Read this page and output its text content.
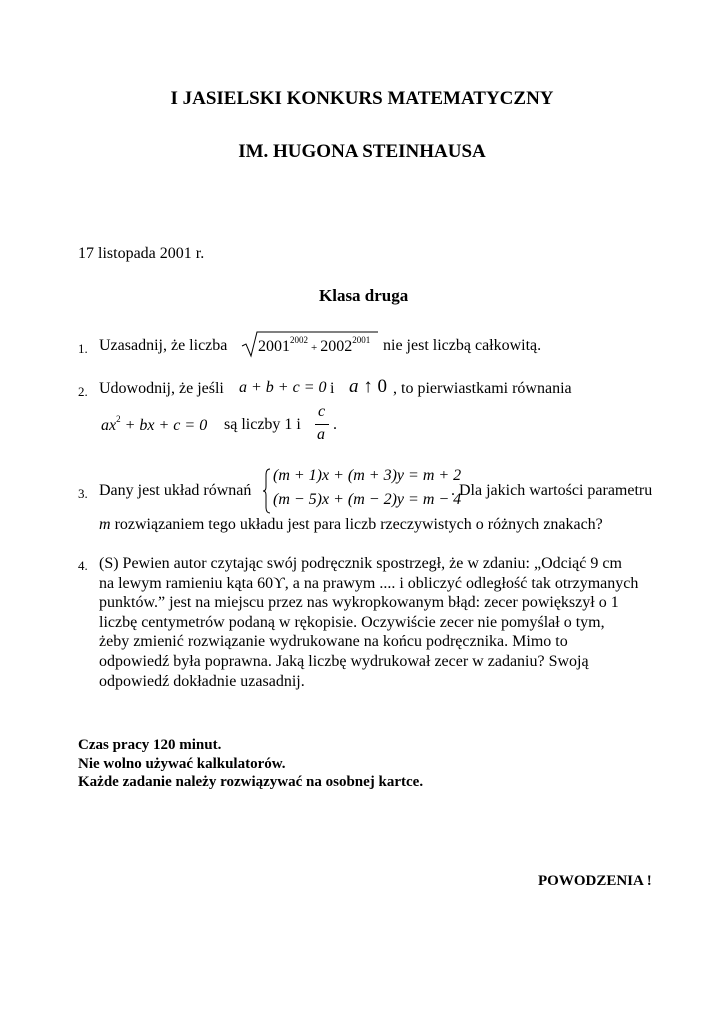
I JASIELSKI KONKURS MATEMATYCZNY
IM. HUGONA STEINHAUSA
17 listopada 2001 r.
Klasa druga
1. Uzasadnij, że liczba $2001^{2002}+ 2002^{2001}$ nie jest liczbą całkowitą.
2. Udowodnij, że jeśli a + b + c = 0 i a ↑ 0 , to pierwiastkami równania
$ax^2$ + bx + c = 0 są liczby 1 i
c
a
.
3. Dany jest układ równań
(m + 1)x + (m + 3)y = m + 2
(m − 5)x + (m − 2)y = m − 4
. Dla jakich wartości parametru
m rozwiązaniem tego układu jest para liczb rzeczywistych o różnych znakach?
4. (S) Pewien autor czytając swój podręcznik spostrzegł, że w zdaniu: „Odciąć 9 cm
na lewym ramieniu kąta 60ϒ, a na prawym .... i obliczyć odległość tak otrzymanych
punktów.” jest na miejscu przez nas wykropkowanym błąd: zecer powiększył o 1
liczbę centymetrów podaną w rękopisie. Oczywiście zecer nie pomyślał o tym,
żeby zmienić rozwiązanie wydrukowane na końcu podręcznika. Mimo to
odpowiedź była poprawna. Jaką liczbę wydrukował zecer w zadaniu? Swoją
odpowiedź dokładnie uzasadnij.
Czas pracy 120 minut.
Nie wolno używać kalkulatorów.
Każde zadanie należy rozwiązywać na osobnej kartce.
POWODZENIA !
